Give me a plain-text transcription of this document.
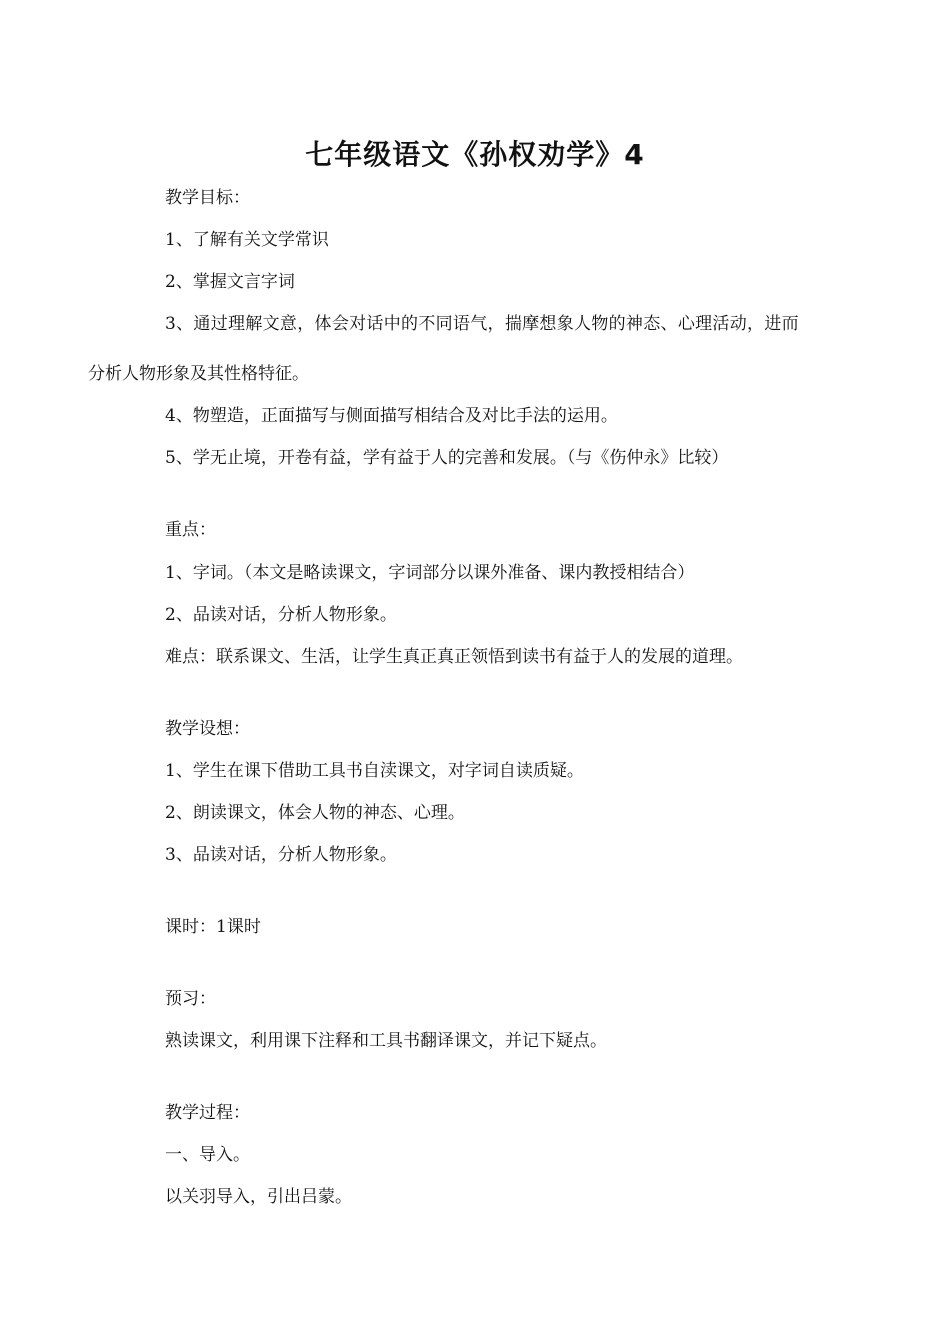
七年级语文《孙权劝学》4
教学目标：
1、了解有关文学常识
2、掌握文言字词
3、通过理解文意，体会对话中的不同语气，揣摩想象人物的神态、心理活动，进而
分析人物形象及其性格特征。
4、物塑造，正面描写与侧面描写相结合及对比手法的运用。
5、学无止境，开卷有益，学有益于人的完善和发展。（与《伤仲永》比较）
重点：
1、字词。（本文是略读课文，字词部分以课外准备、课内教授相结合）
2、品读对话，分析人物形象。
难点：联系课文、生活，让学生真正真正领悟到读书有益于人的发展的道理。
教学设想：
1、学生在课下借助工具书自渎课文，对字词自读质疑。
2、朗读课文，体会人物的神态、心理。
3、品读对话，分析人物形象。
课时：1课时
预习：
熟读课文，利用课下注释和工具书翻译课文，并记下疑点。
教学过程：
一、导入。
以关羽导入，引出吕蒙。
